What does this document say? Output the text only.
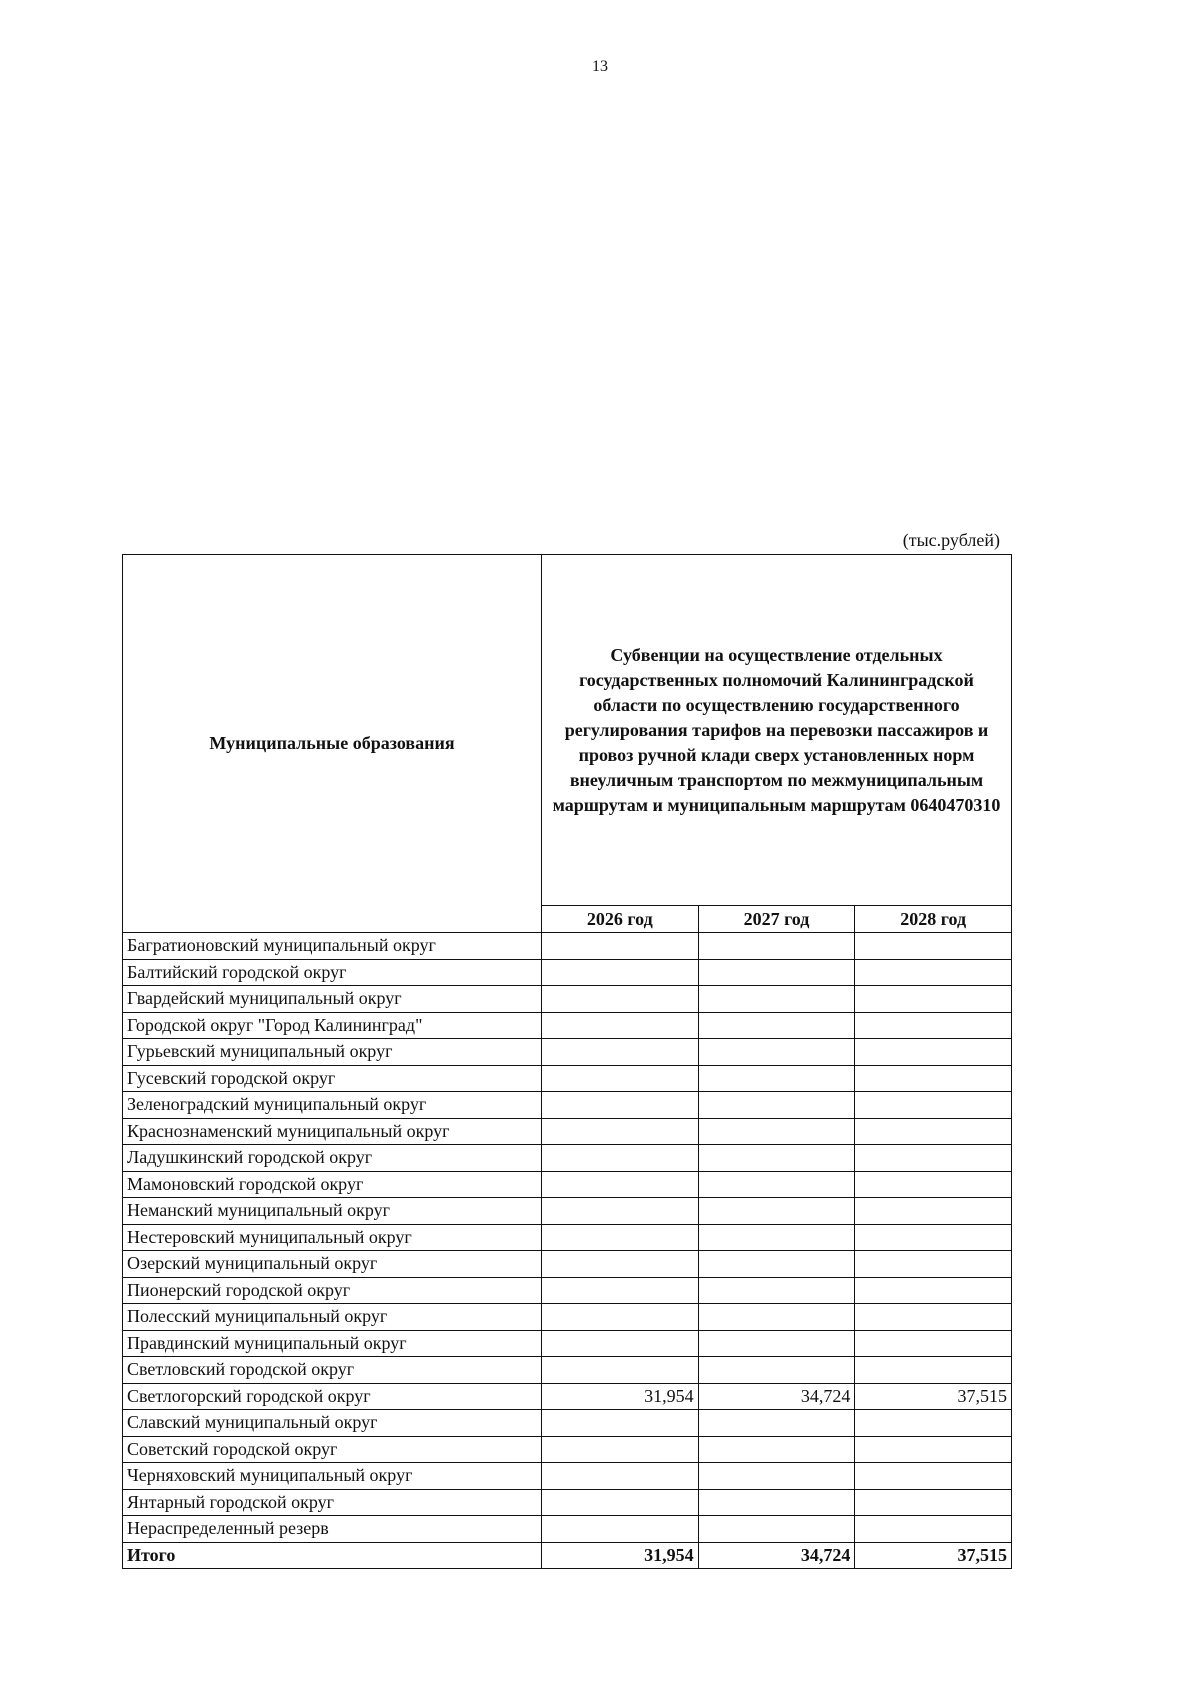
13
(тыс.рублей)
Муниципальные образования	Субвенции на осуществление отдельных государственных полномочий Калининградской области по осуществлению государственного регулирования тарифов на перевозки пассажиров и провоз ручной клади сверх установленных норм внеуличным транспортом по межмуниципальным маршрутам и муниципальным маршрутам 0640470310		
	2026 год	2027 год	2028 год
Багратионовский муниципальный округ			
Балтийский городской округ			
Гвардейский муниципальный округ			
Городской округ "Город Калининград"			
Гурьевский муниципальный округ			
Гусевский городской округ			
Зеленоградский муниципальный округ			
Краснознаменский муниципальный округ			
Ладушкинский городской округ			
Мамоновский городской округ			
Неманский муниципальный округ			
Нестеровский муниципальный округ			
Озерский муниципальный округ			
Пионерский городской округ			
Полесский муниципальный округ			
Правдинский муниципальный округ			
Светловский городской округ			
Светлогорский городской округ	31,954	34,724	37,515
Славский муниципальный округ			
Советский городской округ			
Черняховский муниципальный округ			
Янтарный городской округ			
Нераспределенный резерв			
Итого	31,954	34,724	37,515
